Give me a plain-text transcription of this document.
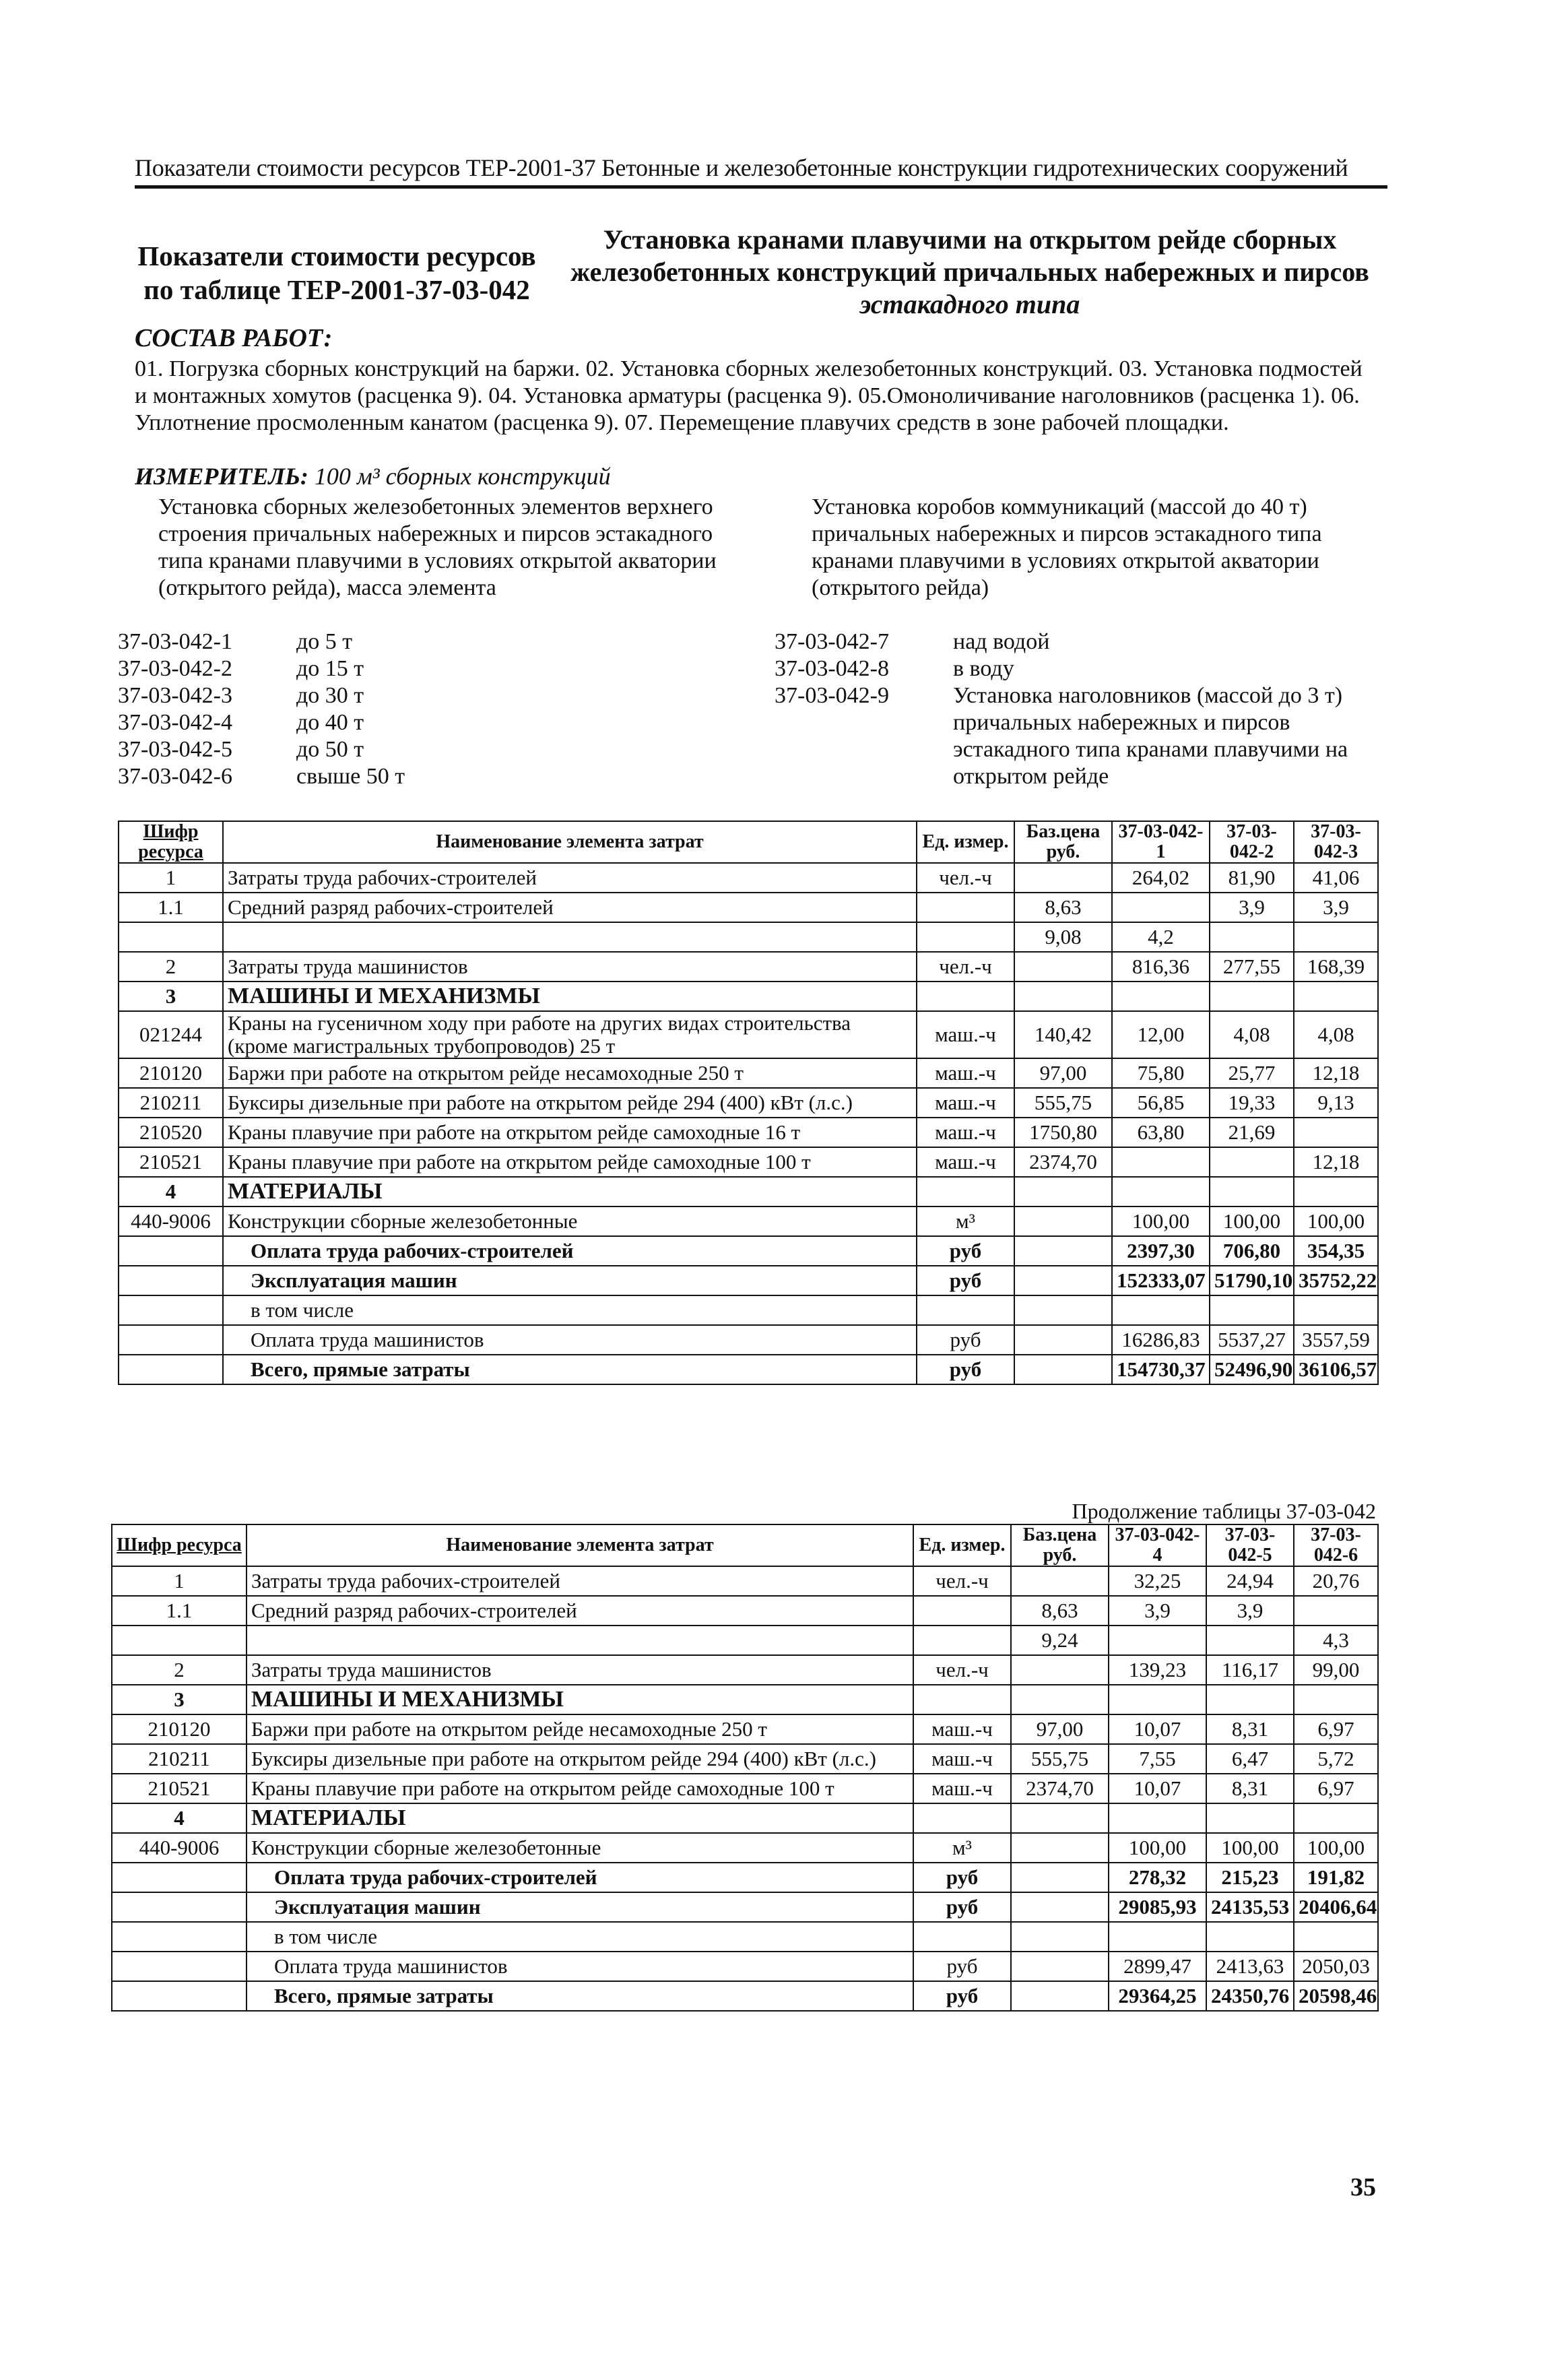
Показатели стоимости ресурсов ТЕР-2001-37 Бетонные и железобетонные конструкции гидротехнических сооружений
Показатели стоимости ресурсов
по таблице ТЕР-2001-37-03-042
Установка кранами плавучими на открытом рейде сборных
железобетонных конструкций причальных набережных и пирсов
эстакадного типа
СОСТАВ РАБОТ:
01. Погрузка сборных конструкций на баржи. 02. Установка сборных железобетонных конструкций. 03. Установка подмостей и монтажных хомутов (расценка 9). 04. Установка арматуры (расценка 9). 05.Омоноличивание наголовников (расценка 1). 06. Уплотнение просмоленным канатом (расценка 9). 07. Перемещение плавучих средств в зоне рабочей площадки.
ИЗМЕРИТЕЛЬ: 100 м³ сборных конструкций
Установка сборных железобетонных элементов верхнего строения причальных набережных и пирсов эстакадного типа кранами плавучими в условиях открытой акватории (открытого рейда), масса элемента
Установка коробов коммуникаций (массой до 40 т) причальных набережных и пирсов эстакадного типа кранами плавучими в условиях открытой акватории (открытого рейда)
37-03-042-1	до 5 т
37-03-042-2	до 15 т
37-03-042-3	до 30 т
37-03-042-4	до 40 т
37-03-042-5	до 50 т
37-03-042-6	свыше 50 т
37-03-042-7	над водой
37-03-042-8	в воду
37-03-042-9	Установка наголовников (массой до 3 т) причальных набережных и пирсов эстакадного типа кранами плавучими на открытом рейде
Шифр ресурса	Наименование элемента затрат	Ед. измер.	Баз.цена руб.	37-03-042-1	37-03-042-2	37-03-042-3
1	Затраты труда рабочих-строителей	чел.-ч		264,02	81,90	41,06
1.1	Средний разряд рабочих-строителей		8,63		3,9	3,9
			9,08	4,2		
2	Затраты труда машинистов	чел.-ч		816,36	277,55	168,39
3	МАШИНЫ И МЕХАНИЗМЫ					
021244	Краны на гусеничном ходу при работе на других видах строительства (кроме магистральных трубопроводов) 25 т	маш.-ч	140,42	12,00	4,08	4,08
210120	Баржи при работе на открытом рейде несамоходные 250 т	маш.-ч	97,00	75,80	25,77	12,18
210211	Буксиры дизельные при работе на открытом рейде 294 (400) кВт (л.с.)	маш.-ч	555,75	56,85	19,33	9,13
210520	Краны плавучие при работе на открытом рейде самоходные 16 т	маш.-ч	1750,80	63,80	21,69	
210521	Краны плавучие при работе на открытом рейде самоходные 100 т	маш.-ч	2374,70			12,18
4	МАТЕРИАЛЫ					
440-9006	Конструкции сборные железобетонные	м³		100,00	100,00	100,00
	Оплата труда рабочих-строителей	руб		2397,30	706,80	354,35
	Эксплуатация машин	руб		152333,07	51790,10	35752,22
	в том числе					
	Оплата труда машинистов	руб		16286,83	5537,27	3557,59
	Всего, прямые затраты	руб		154730,37	52496,90	36106,57
Продолжение таблицы 37-03-042
Шифр ресурса	Наименование элемента затрат	Ед. измер.	Баз.цена руб.	37-03-042-4	37-03-042-5	37-03-042-6
1	Затраты труда рабочих-строителей	чел.-ч		32,25	24,94	20,76
1.1	Средний разряд рабочих-строителей		8,63	3,9	3,9	
			9,24			4,3
2	Затраты труда машинистов	чел.-ч		139,23	116,17	99,00
3	МАШИНЫ И МЕХАНИЗМЫ					
210120	Баржи при работе на открытом рейде несамоходные 250 т	маш.-ч	97,00	10,07	8,31	6,97
210211	Буксиры дизельные при работе на открытом рейде 294 (400) кВт (л.с.)	маш.-ч	555,75	7,55	6,47	5,72
210521	Краны плавучие при работе на открытом рейде самоходные 100 т	маш.-ч	2374,70	10,07	8,31	6,97
4	МАТЕРИАЛЫ					
440-9006	Конструкции сборные железобетонные	м³		100,00	100,00	100,00
	Оплата труда рабочих-строителей	руб		278,32	215,23	191,82
	Эксплуатация машин	руб		29085,93	24135,53	20406,64
	в том числе					
	Оплата труда машинистов	руб		2899,47	2413,63	2050,03
	Всего, прямые затраты	руб		29364,25	24350,76	20598,46
35
